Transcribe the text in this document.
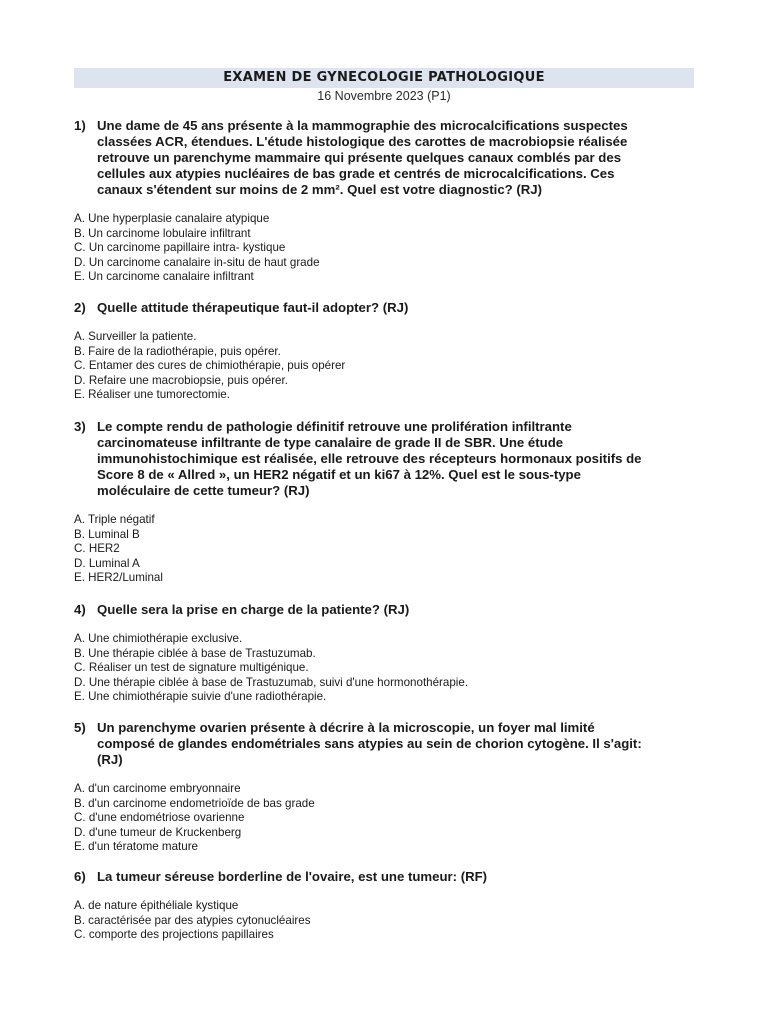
EXAMEN DE GYNECOLOGIE PATHOLOGIQUE
16 Novembre 2023 (P1)
1) Une dame de 45 ans présente à la mammographie des microcalcifications suspectes
classées ACR, étendues. L'étude histologique des carottes de macrobiopsie réalisée
retrouve un parenchyme mammaire qui présente quelques canaux comblés par des
cellules aux atypies nucléaires de bas grade et centrés de microcalcifications. Ces
canaux s'étendent sur moins de 2 mm². Quel est votre diagnostic? (RJ)
A. Une hyperplasie canalaire atypique
B. Un carcinome lobulaire infiltrant
C. Un carcinome papillaire intra- kystique
D. Un carcinome canalaire in-situ de haut grade
E. Un carcinome canalaire infiltrant
2) Quelle attitude thérapeutique faut-il adopter? (RJ)
A. Surveiller la patiente.
B. Faire de la radiothérapie, puis opérer.
C. Entamer des cures de chimiothérapie, puis opérer
D. Refaire une macrobiopsie, puis opérer.
E. Réaliser une tumorectomie.
3) Le compte rendu de pathologie définitif retrouve une prolifération infiltrante
carcinomateuse infiltrante de type canalaire de grade II de SBR. Une étude
immunohistochimique est réalisée, elle retrouve des récepteurs hormonaux positifs de
Score 8 de « Allred », un HER2 négatif et un ki67 à 12%. Quel est le sous-type
moléculaire de cette tumeur? (RJ)
A. Triple négatif
B. Luminal B
C. HER2
D. Luminal A
E. HER2/Luminal
4) Quelle sera la prise en charge de la patiente? (RJ)
A. Une chimiothérapie exclusive.
B. Une thérapie ciblée à base de Trastuzumab.
C. Réaliser un test de signature multigénique.
D. Une thérapie ciblée à base de Trastuzumab, suivi d'une hormonothérapie.
E. Une chimiothérapie suivie d'une radiothérapie.
5) Un parenchyme ovarien présente à décrire à la microscopie, un foyer mal limité
composé de glandes endométriales sans atypies au sein de chorion cytogène. Il s'agit:
(RJ)
A. d'un carcinome embryonnaire
B. d'un carcinome endometrioïde de bas grade
C. d'une endométriose ovarienne
D. d'une tumeur de Kruckenberg
E. d'un tératome mature
6) La tumeur séreuse borderline de l'ovaire, est une tumeur: (RF)
A. de nature épithéliale kystique
B. caractérisée par des atypies cytonucléaires
C. comporte des projections papillaires
